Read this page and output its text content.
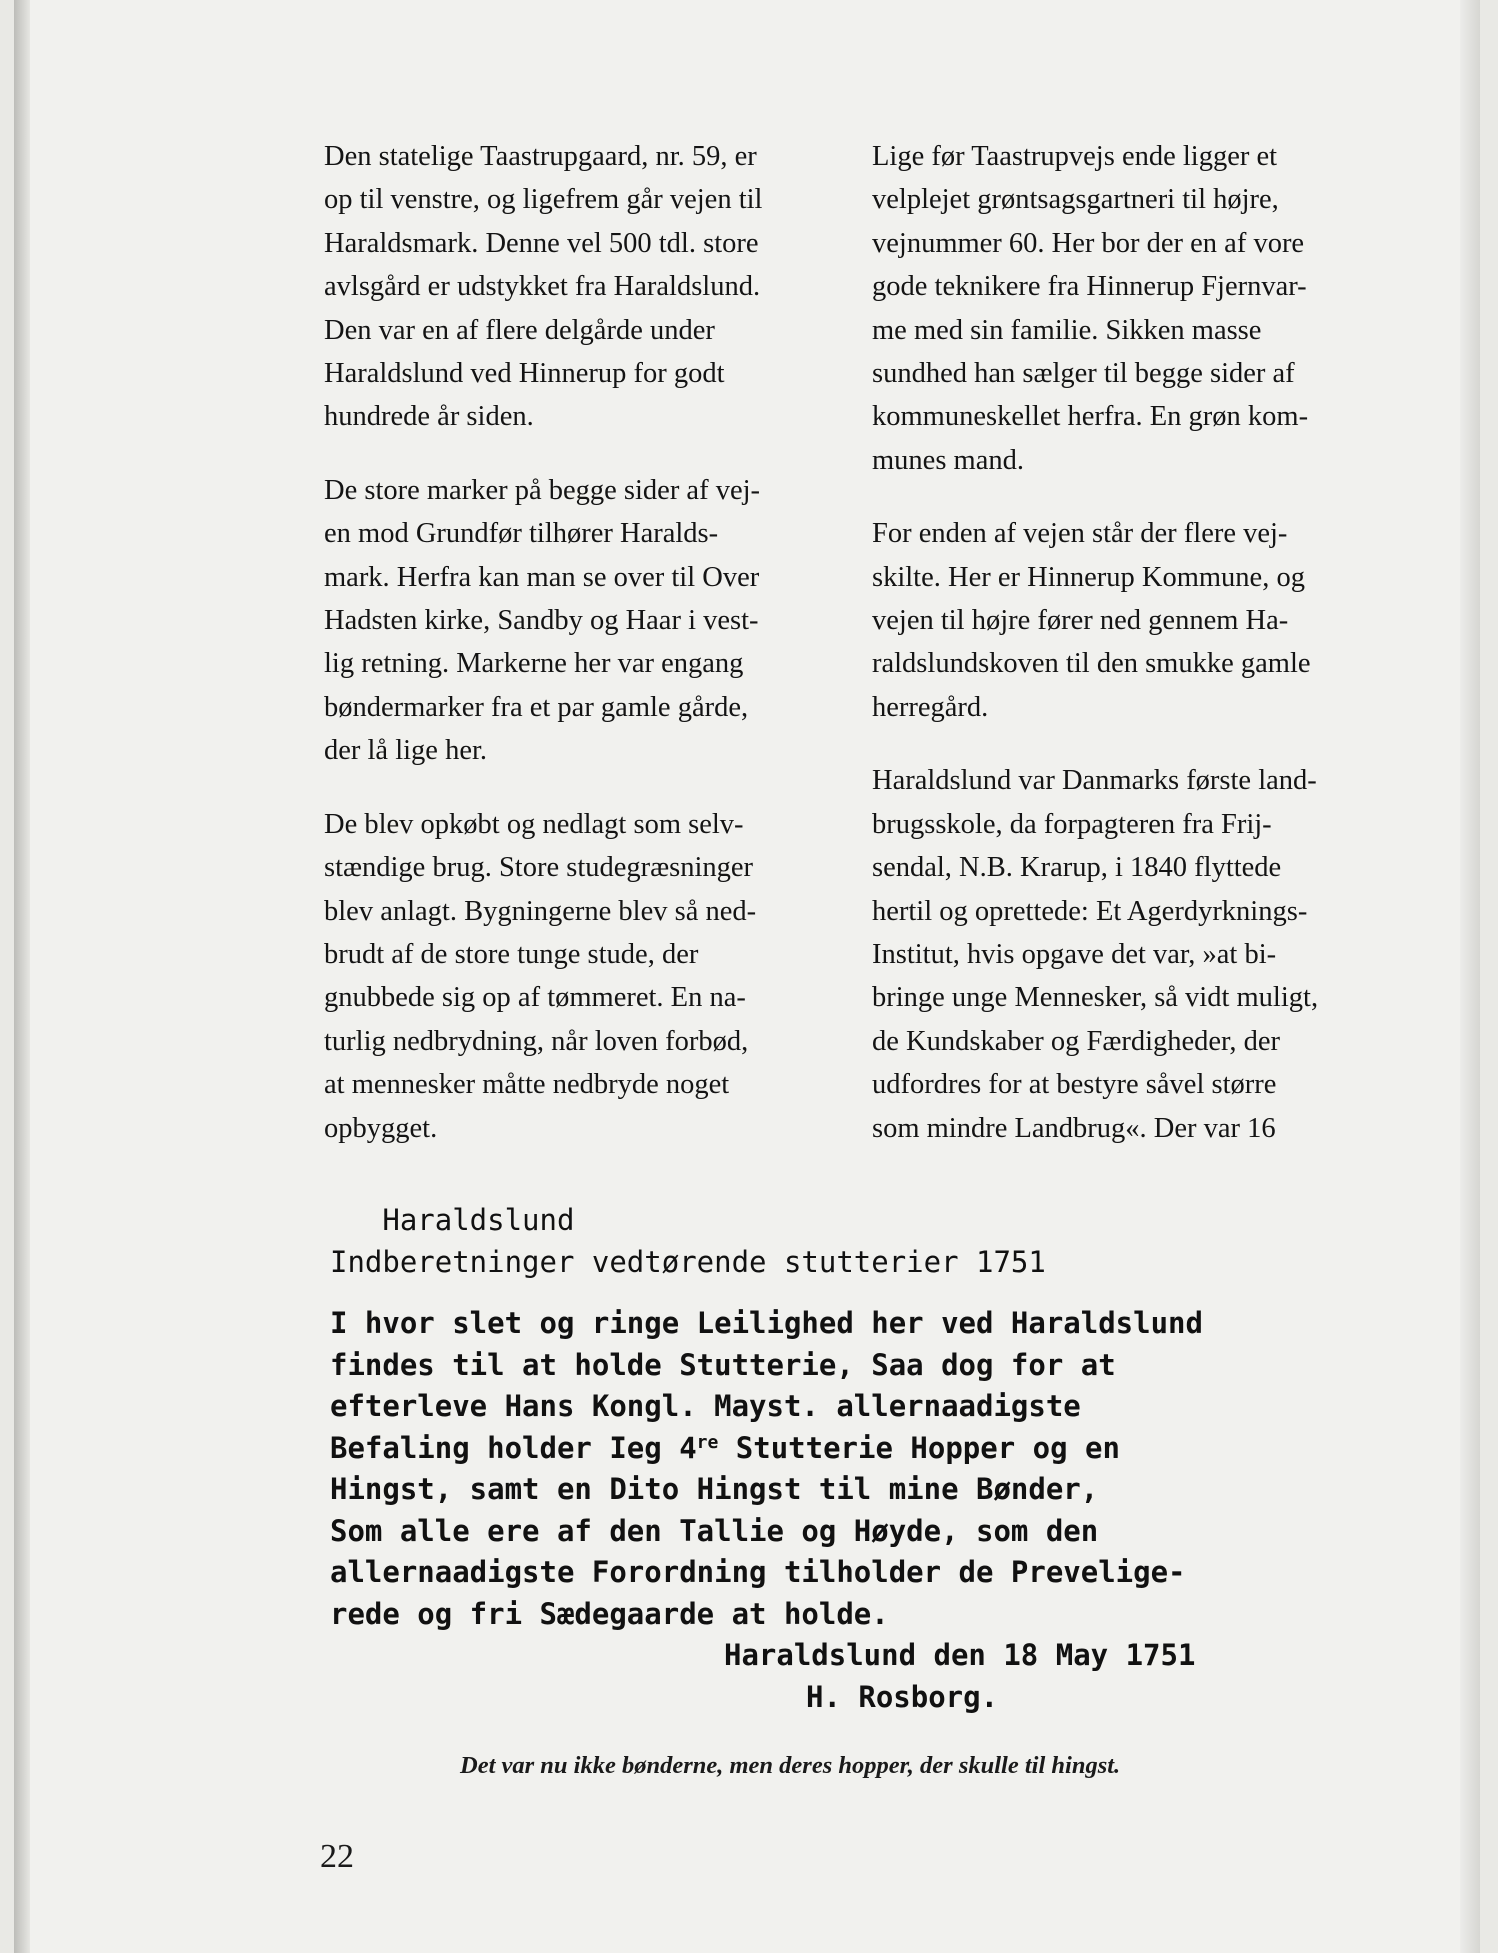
Den statelige Taastrupgaard, nr. 59, er
op til venstre, og ligefrem går vejen til
Haraldsmark. Denne vel 500 tdl. store
avlsgård er udstykket fra Haraldslund.
Den var en af flere delgårde under
Haraldslund ved Hinnerup for godt
hundrede år siden.
De store marker på begge sider af vej-
en mod Grundfør tilhører Haralds-
mark. Herfra kan man se over til Over
Hadsten kirke, Sandby og Haar i vest-
lig retning. Markerne her var engang
bøndermarker fra et par gamle gårde,
der lå lige her.
De blev opkøbt og nedlagt som selv-
stændige brug. Store studegræsninger
blev anlagt. Bygningerne blev så ned-
brudt af de store tunge stude, der
gnubbede sig op af tømmeret. En na-
turlig nedbrydning, når loven forbød,
at mennesker måtte nedbryde noget
opbygget.
Lige før Taastrupvejs ende ligger et
velplejet grøntsagsgartneri til højre,
vejnummer 60. Her bor der en af vore
gode teknikere fra Hinnerup Fjernvar-
me med sin familie. Sikken masse
sundhed han sælger til begge sider af
kommuneskellet herfra. En grøn kom-
munes mand.
For enden af vejen står der flere vej-
skilte. Her er Hinnerup Kommune, og
vejen til højre fører ned gennem Ha-
raldslundskoven til den smukke gamle
herregård.
Haraldslund var Danmarks første land-
brugsskole, da forpagteren fra Frij-
sendal, N.B. Krarup, i 1840 flyttede
hertil og oprettede: Et Agerdyrknings-
Institut, hvis opgave det var, »at bi-
bringe unge Mennesker, så vidt muligt,
de Kundskaber og Færdigheder, der
udfordres for at bestyre såvel større
som mindre Landbrug«. Der var 16
Haraldslund
Indberetninger vedtørende stutterier 1751
I hvor slet og ringe Leilighed her ved Haraldslund
findes til at holde Stutterie, Saa dog for at
efterleve Hans Kongl. Mayst. allernaadigste
Befaling holder Ieg 4re Stutterie Hopper og en
Hingst, samt en Dito Hingst til mine Bønder,
Som alle ere af den Tallie og Høyde, som den
allernaadigste Forordning tilholder de Prevelige-
rede og fri Sædegaarde at holde.
Haraldslund den 18 May 1751
H. Rosborg.
Det var nu ikke bønderne, men deres hopper, der skulle til hingst.
22
